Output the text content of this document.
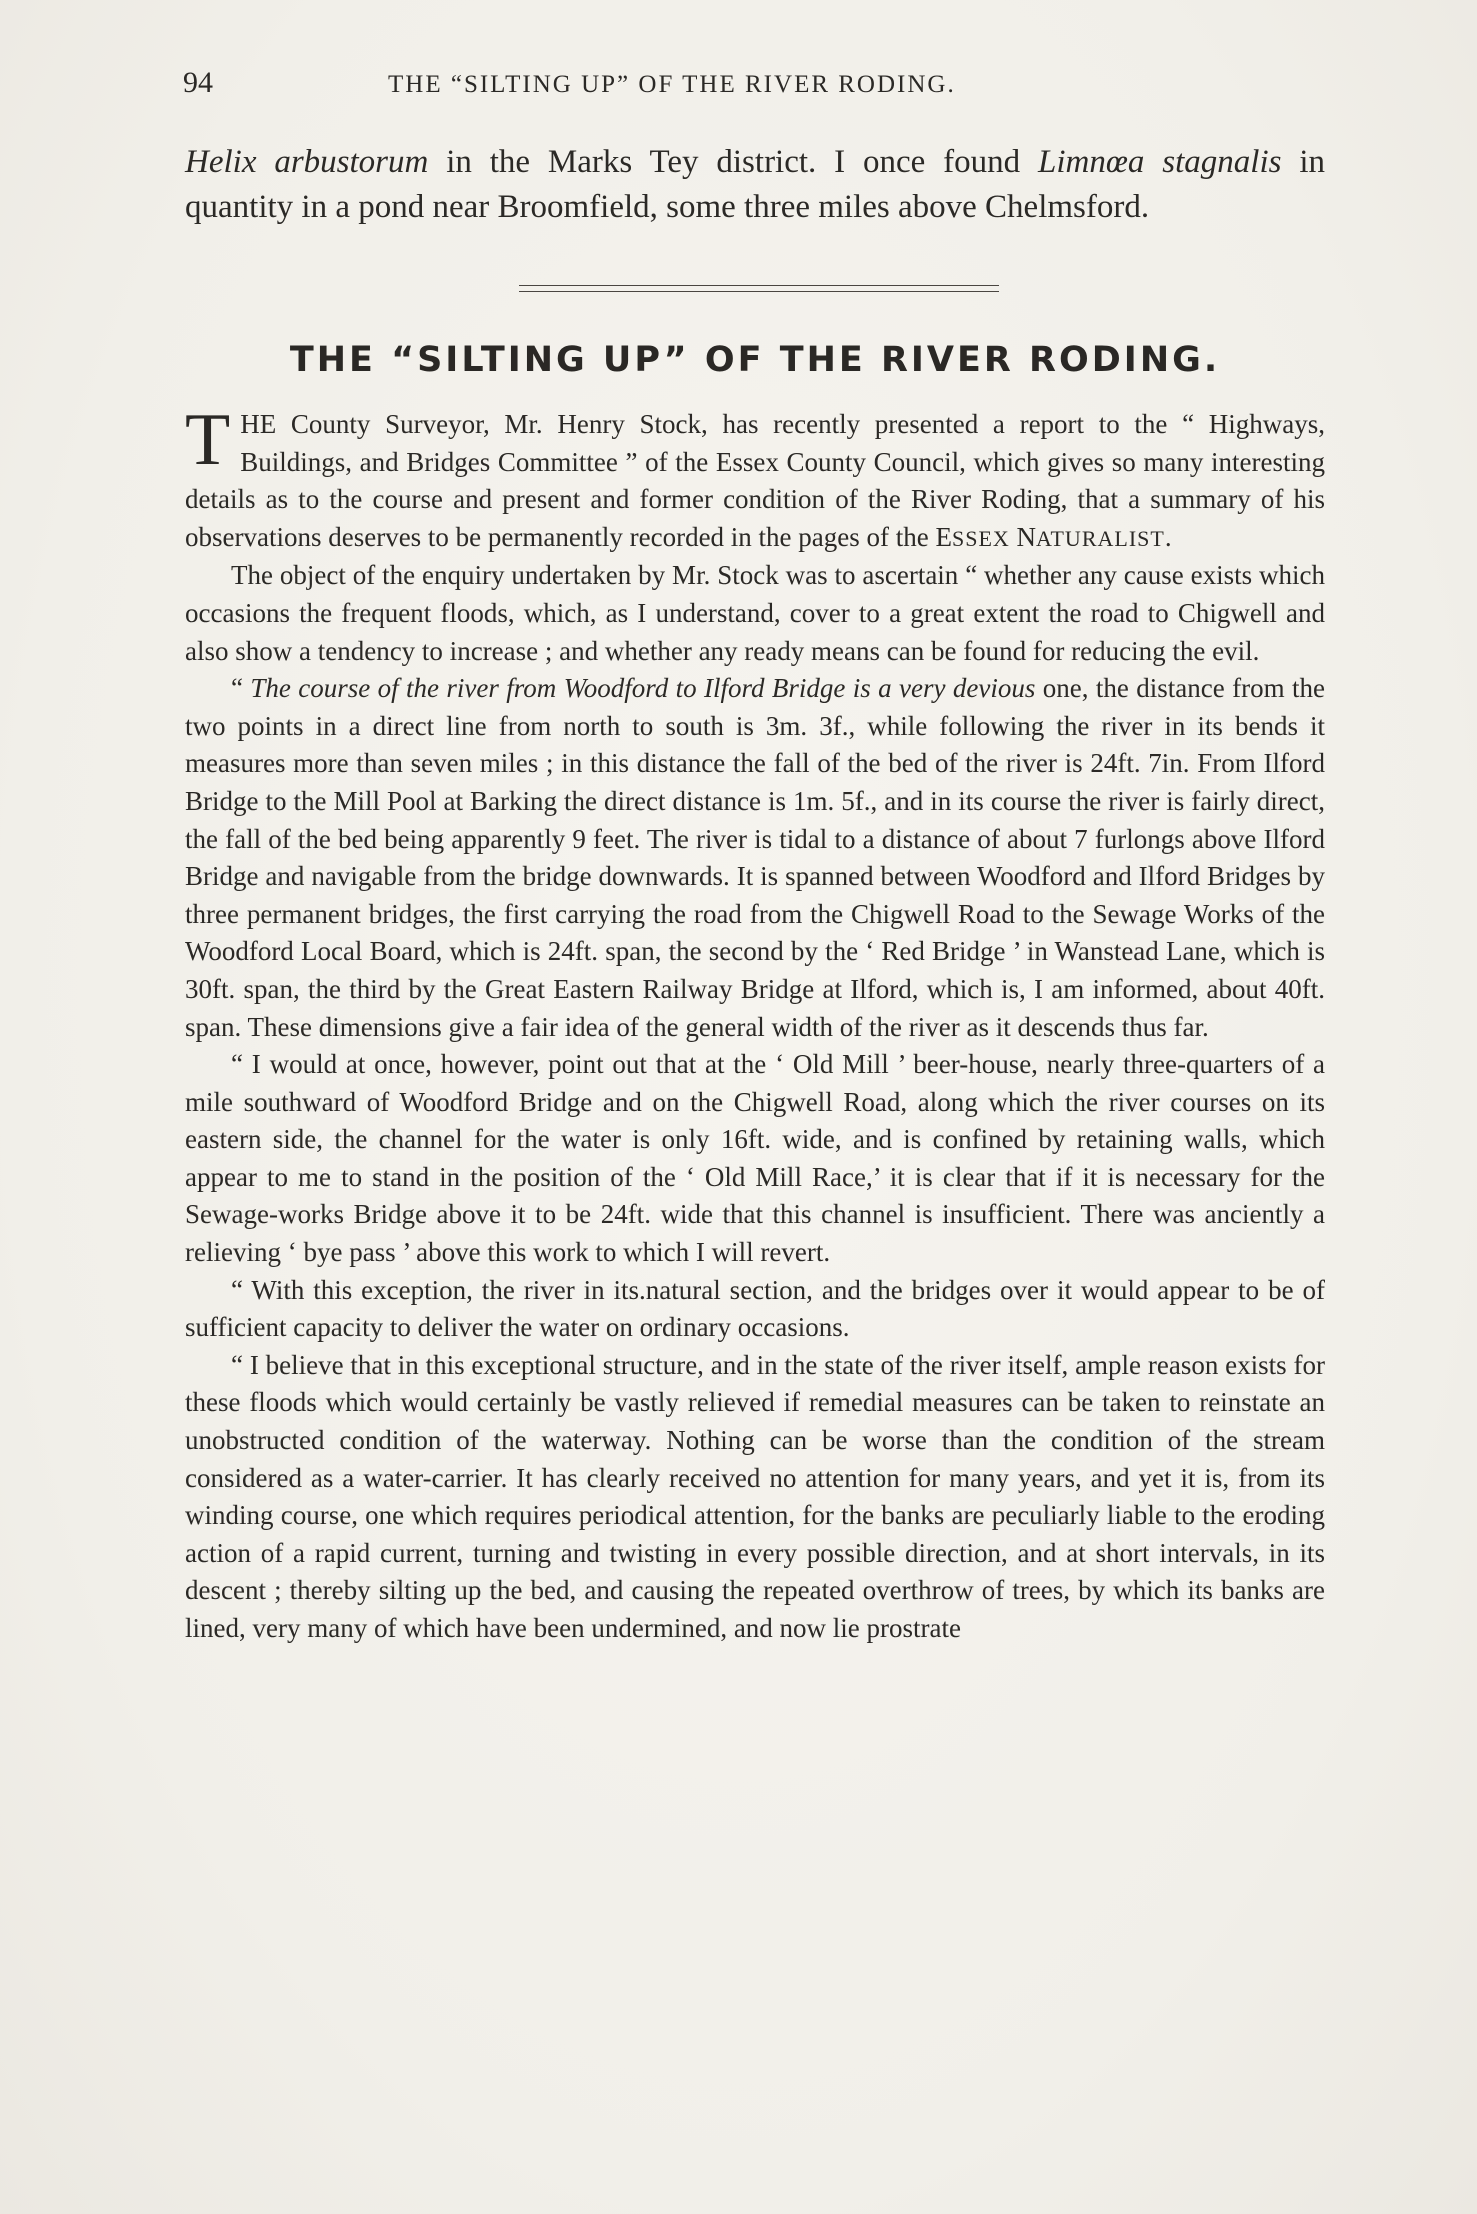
94	THE “SILTING UP” OF THE RIVER RODING.
Helix arbustorum in the Marks Tey district. I once found Limnœa stagnalis in quantity in a pond near Broomfield, some three miles above Chelmsford.
THE “SILTING UP” OF THE RIVER RODING.

THE County Surveyor, Mr. Henry Stock, has recently presented a report to the “ Highways, Buildings, and Bridges Committee ” of the Essex County Council, which gives so many interesting details as to the course and present and former condition of the River Roding, that a summary of his observations deserves to be permanently recorded in the pages of the ESSEX NATURALIST.

The object of the enquiry undertaken by Mr. Stock was to ascertain “ whether any cause exists which occasions the frequent floods, which, as I understand, cover to a great extent the road to Chigwell and also show a tendency to increase ; and whether any ready means can be found for reducing the evil.

“ The course of the river from Woodford to Ilford Bridge is a very devious one, the distance from the two points in a direct line from north to south is 3m. 3f., while following the river in its bends it measures more than seven miles ; in this distance the fall of the bed of the river is 24ft. 7in. From Ilford Bridge to the Mill Pool at Barking the direct distance is 1m. 5f., and in its course the river is fairly direct, the fall of the bed being apparently 9 feet. The river is tidal to a distance of about 7 furlongs above Ilford Bridge and navigable from the bridge downwards. It is spanned between Woodford and Ilford Bridges by three permanent bridges, the first carrying the road from the Chigwell Road to the Sewage Works of the Woodford Local Board, which is 24ft. span, the second by the ‘ Red Bridge ’ in Wanstead Lane, which is 30ft. span, the third by the Great Eastern Railway Bridge at Ilford, which is, I am informed, about 40ft. span. These dimensions give a fair idea of the general width of the river as it descends thus far.

“ I would at once, however, point out that at the ‘ Old Mill ’ beer-house, nearly three-quarters of a mile southward of Woodford Bridge and on the Chigwell Road, along which the river courses on its eastern side, the channel for the water is only 16ft. wide, and is confined by retaining walls, which appear to me to stand in the position of the ‘ Old Mill Race,’ it is clear that if it is necessary for the Sewage-works Bridge above it to be 24ft. wide that this channel is insufficient. There was anciently a relieving ‘ bye pass ’ above this work to which I will revert.

“ With this exception, the river in its.natural section, and the bridges over it would appear to be of sufficient capacity to deliver the water on ordinary occasions.

“ I believe that in this exceptional structure, and in the state of the river itself, ample reason exists for these floods which would certainly be vastly relieved if remedial measures can be taken to reinstate an unobstructed condition of the waterway. Nothing can be worse than the condition of the stream considered as a water-carrier. It has clearly received no attention for many years, and yet it is, from its winding course, one which requires periodical attention, for the banks are peculiarly liable to the eroding action of a rapid current, turning and twisting in every possible direction, and at short intervals, in its descent ; thereby silting up the bed, and causing the repeated overthrow of trees, by which its banks are lined, very many of which have been undermined, and now lie prostrate
